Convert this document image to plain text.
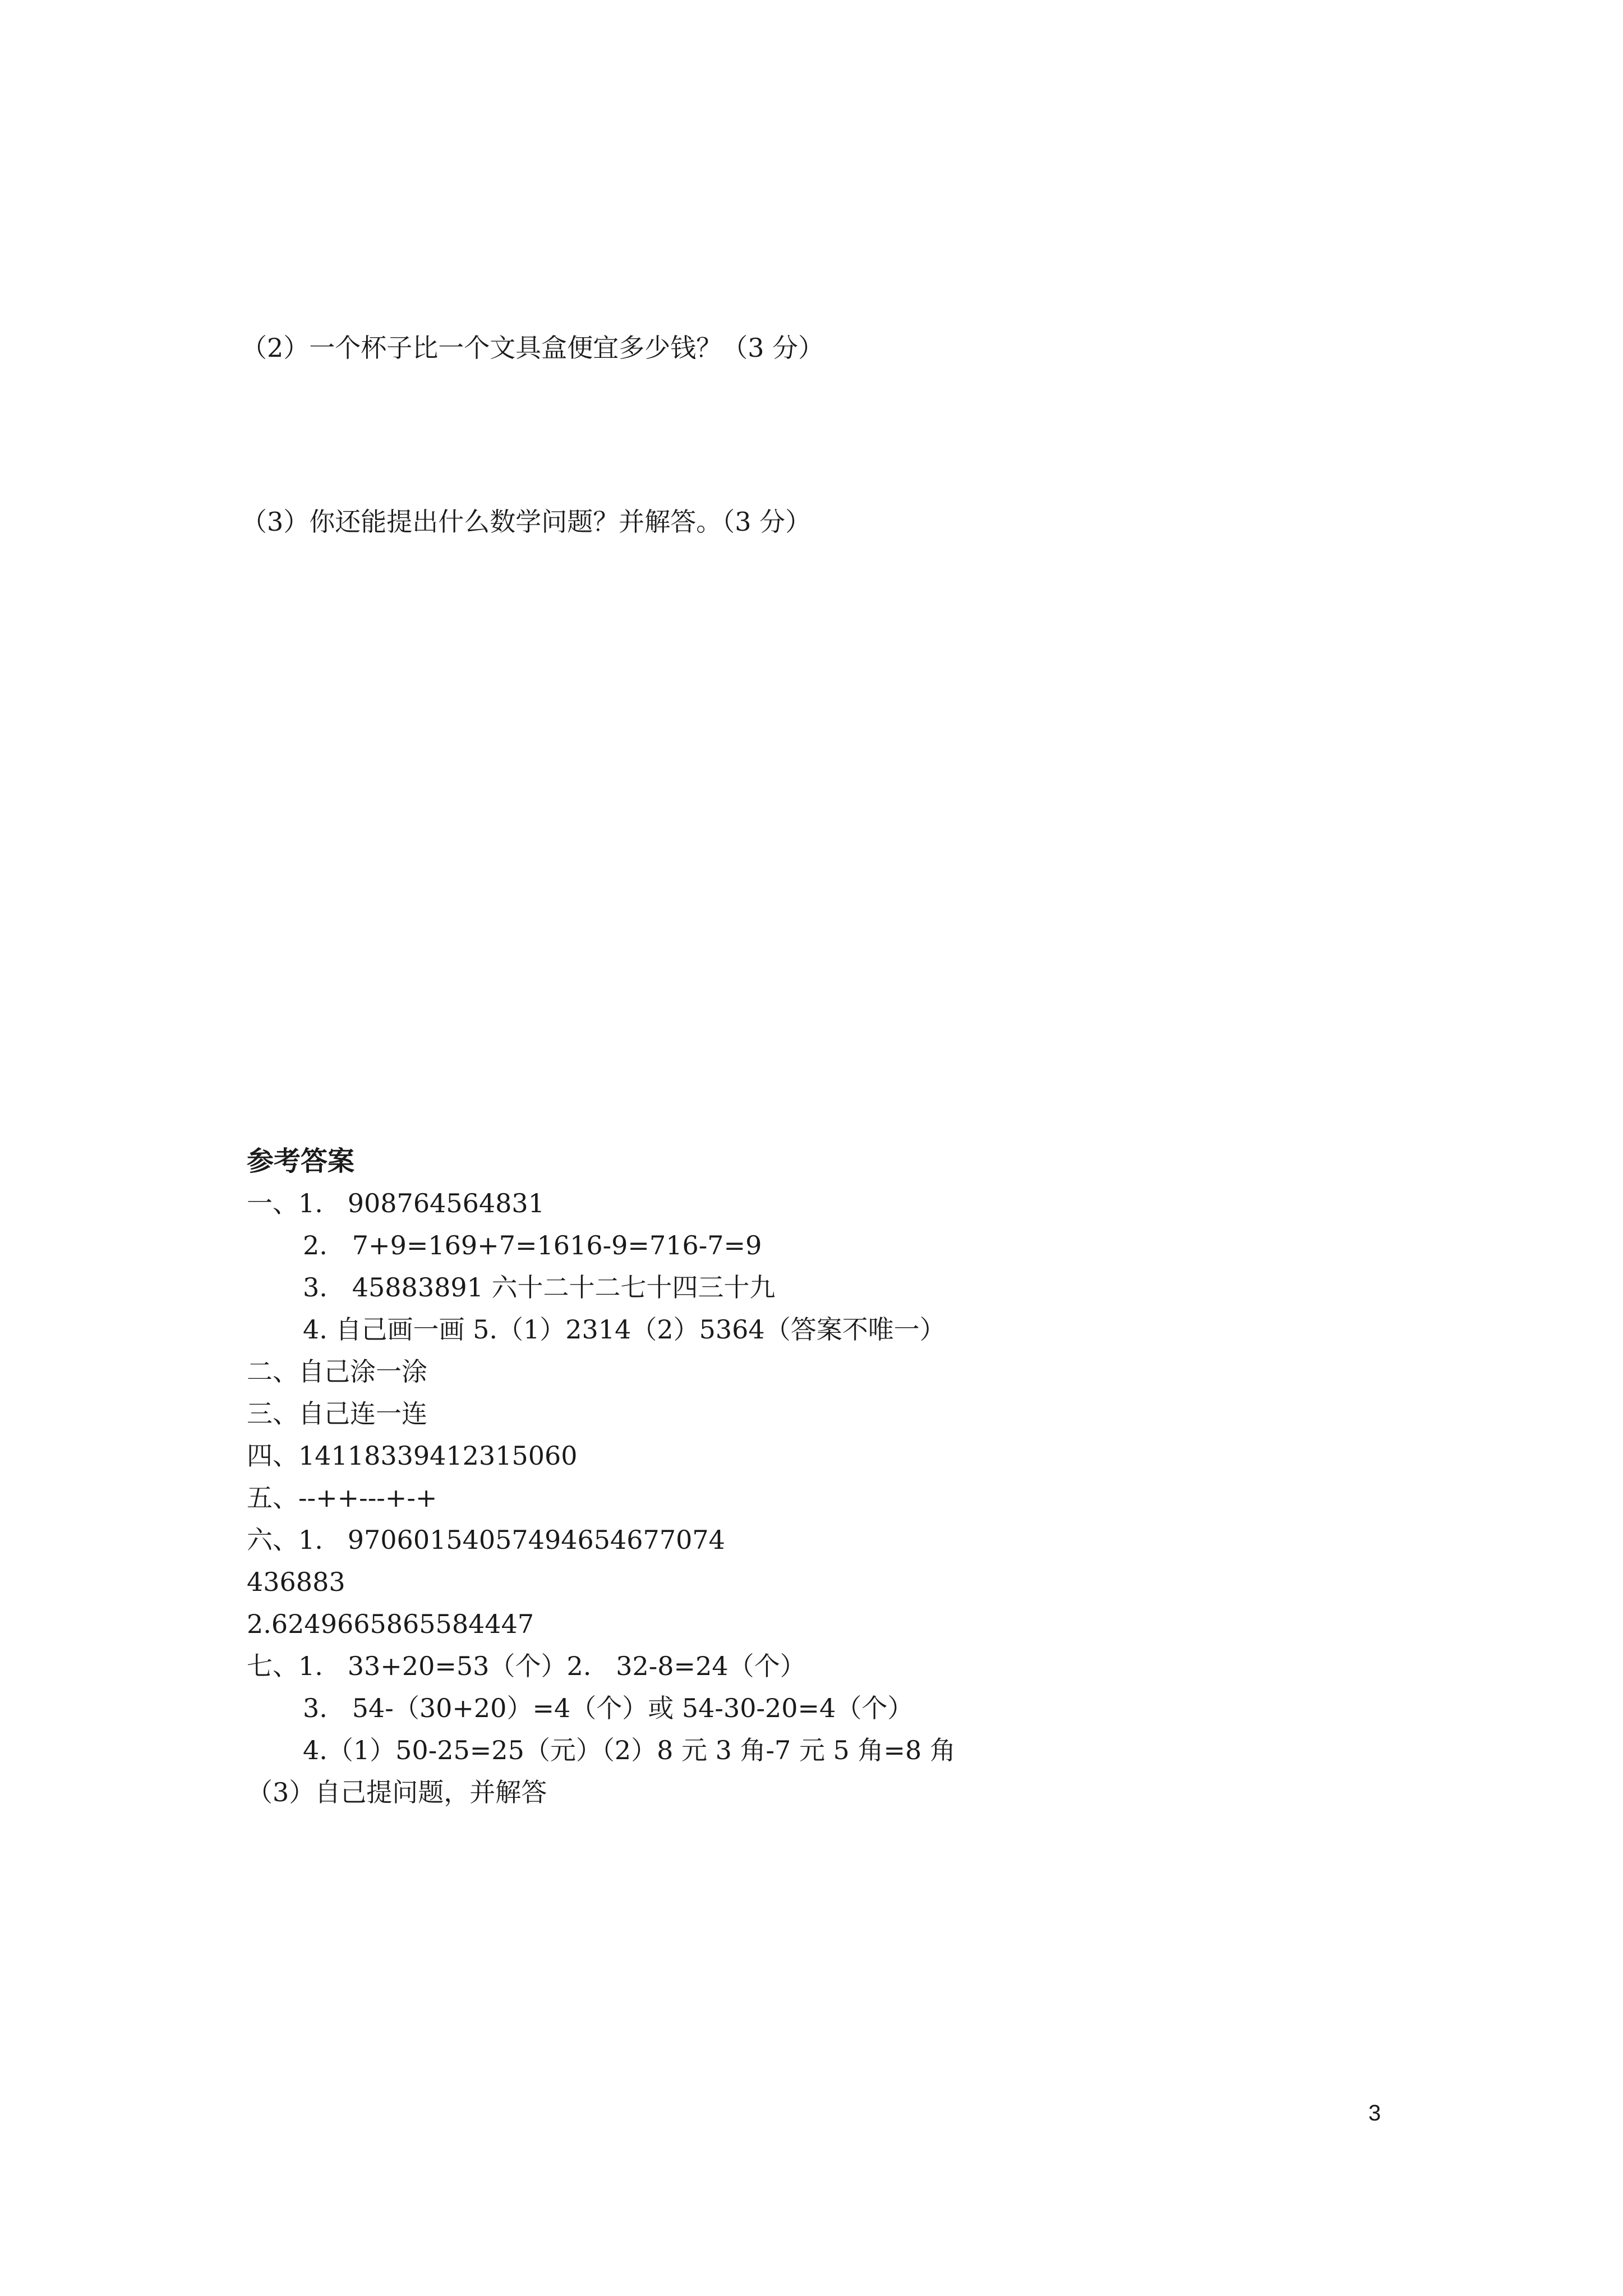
（2）一个杯子比一个文具盒便宜多少钱？（3 分）
（3）你还能提出什么数学问题？并解答。（3 分）
参考答案
一、1.   908764564831
2.   7+9=169+7=1616-9=716-7=9
3.   45883891 六十二十二七十四三十九
4. 自己画一画 5.（1）2314（2）5364（答案不唯一）
二、自己涂一涂
三、自己连一连
四、14118339412315060
五、--++---+-+
六、1.   97060154057494654677074
436883
2.6249665865584447
七、1.   33+20=53（个）2.   32-8=24（个）
3.   54-（30+20）=4（个）或 54-30-20=4（个）
4.（1）50-25=25（元）（2）8 元 3 角-7 元 5 角=8 角
（3）自己提问题，并解答
3
